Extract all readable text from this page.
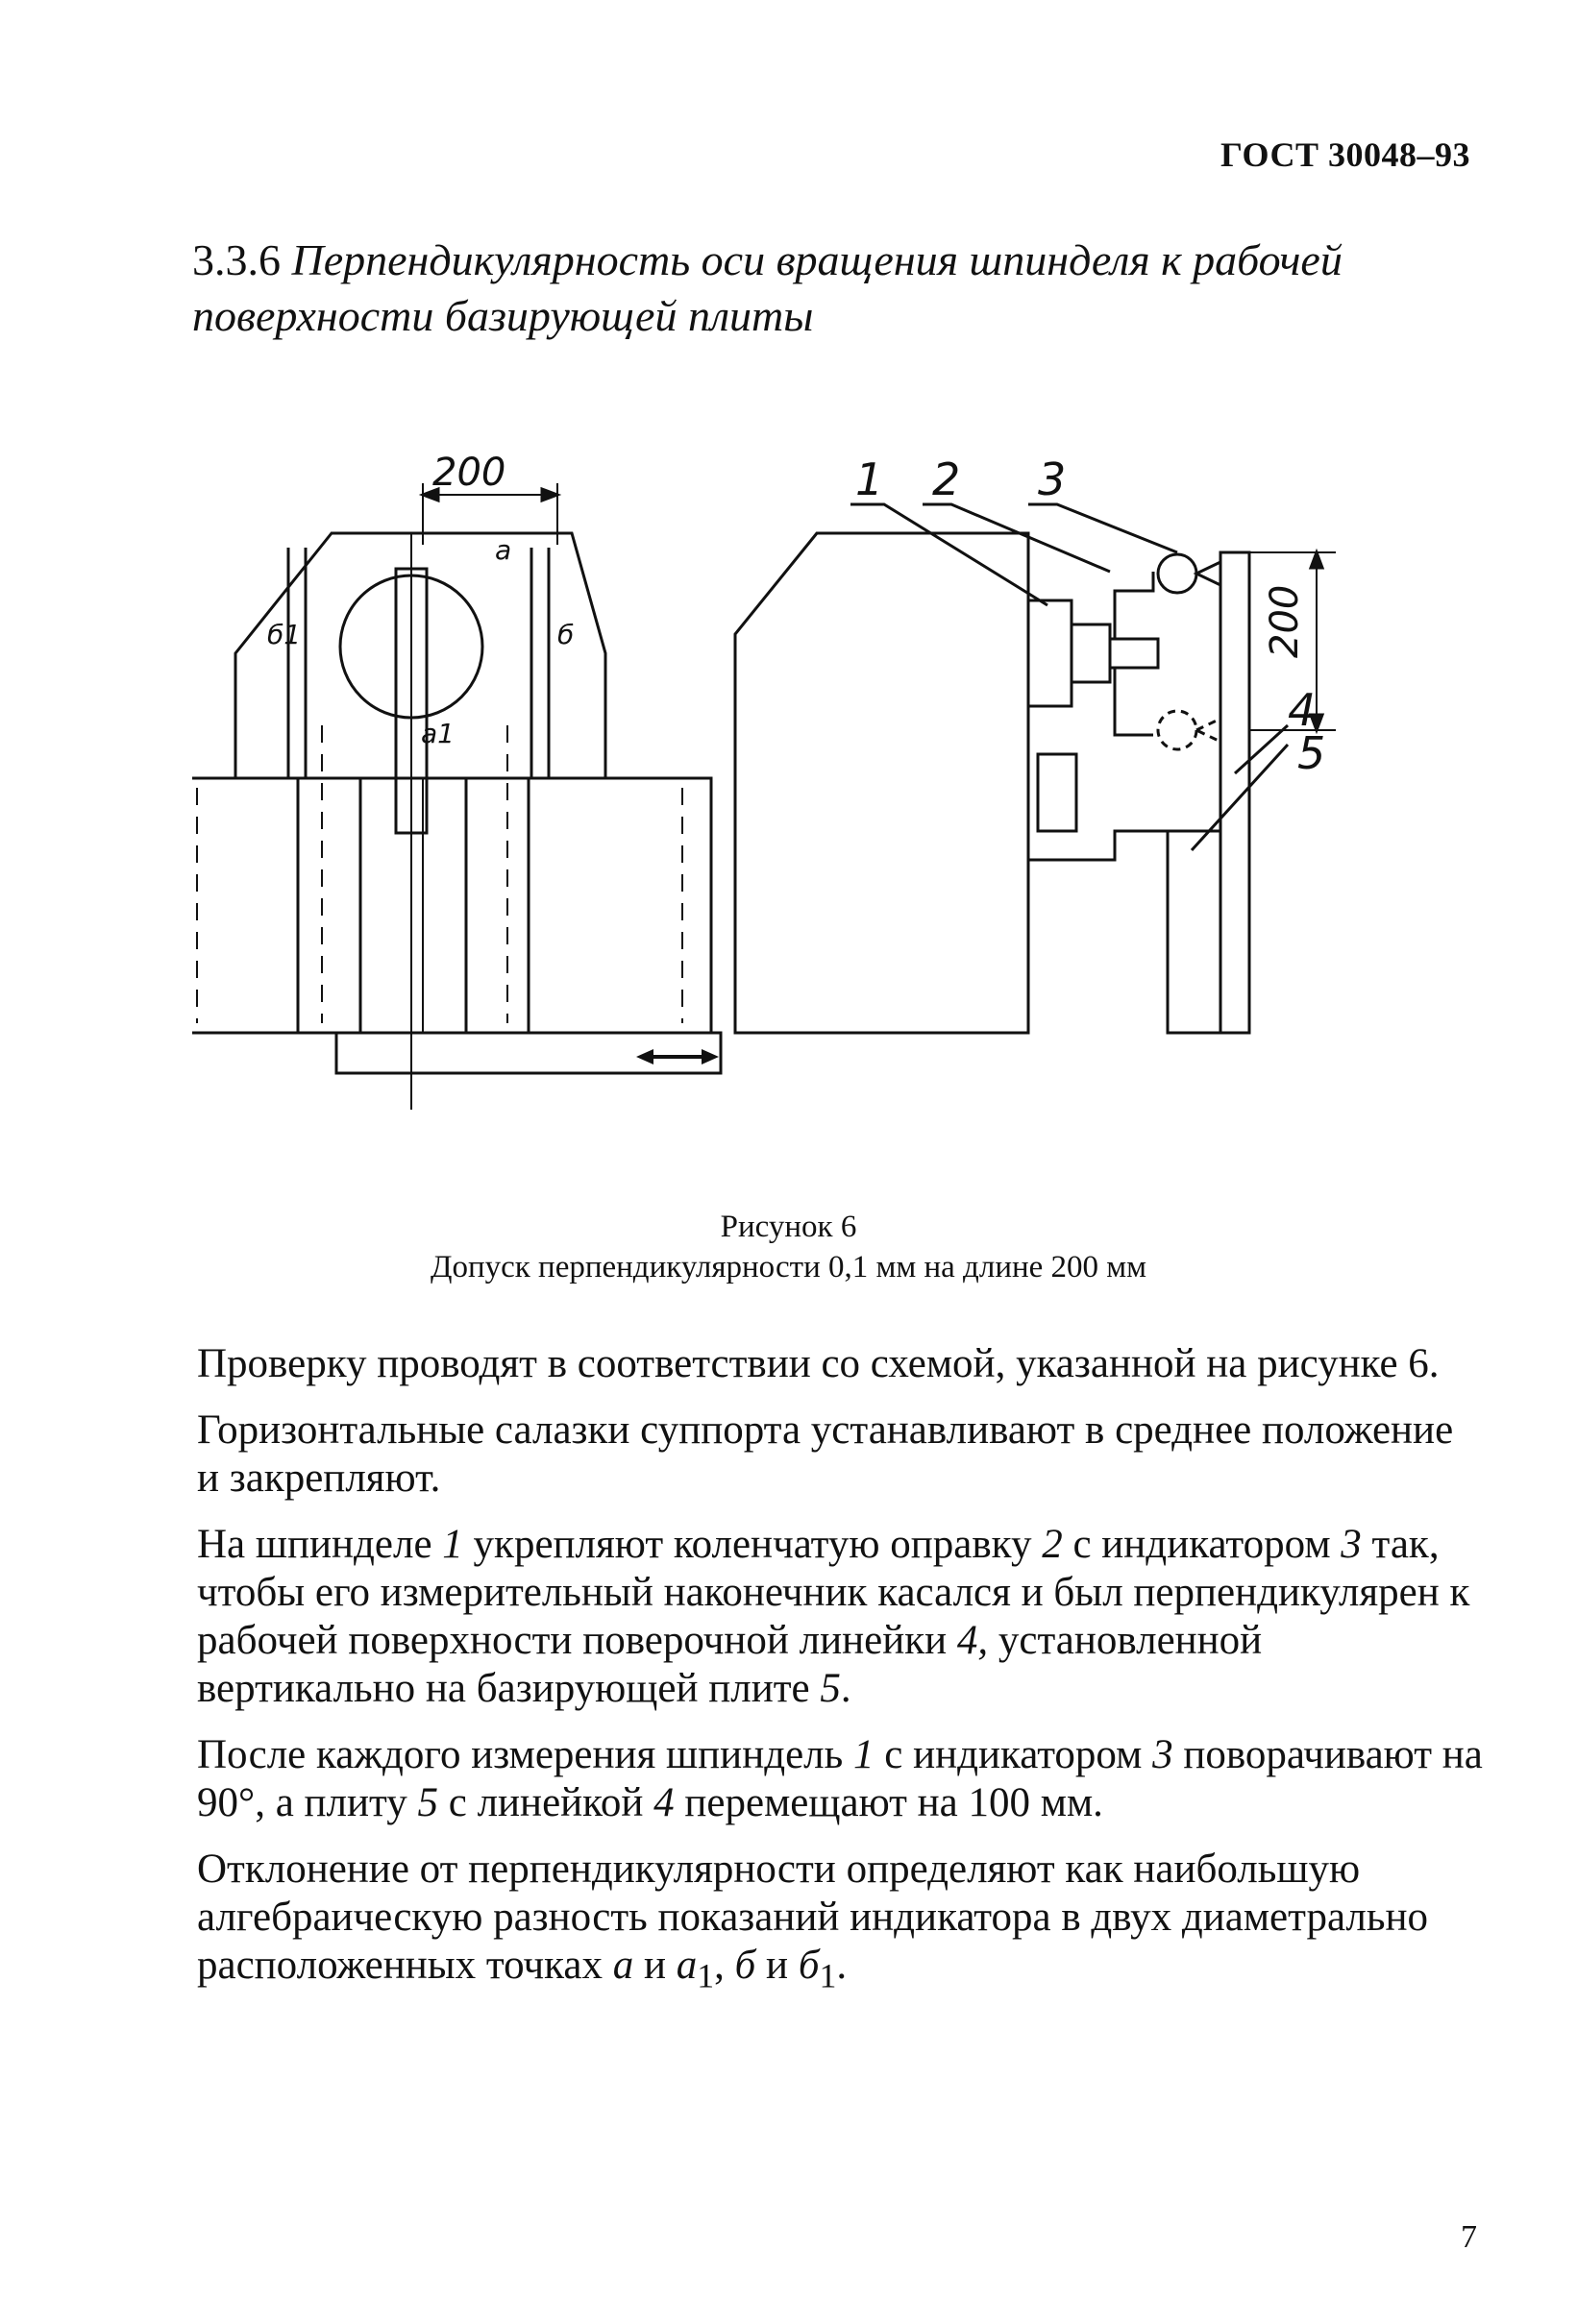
ГОСТ 30048–93
3.3.6 Перпендикулярность оси вращения шпинделя к рабочей поверхности базирующей плиты
200
a
a1
б
б1	200
1 2 3
4
5
Рисунок 6
Допуск перпендикулярности 0,1 мм на длине 200 мм

Проверку проводят в соответствии со схемой, указанной на рисунке 6.

Горизонтальные салазки суппорта устанавливают в среднее положение и закрепляют.

На шпинделе 1 укрепляют коленчатую оправку 2 с индикатором 3 так, чтобы его измерительный наконечник касался и был перпендикулярен к рабочей поверхности поверочной линейки 4, установленной вертикально на базирующей плите 5.

После каждого измерения шпиндель 1 с индикатором 3 поворачивают на 90°, а плиту 5 с линейкой 4 перемещают на 100 мм.

Отклонение от перпендикулярности определяют как наибольшую алгебраическую разность показаний индикатора в двух диаметрально расположенных точках a и $a_1$, б и $б_1$.

7
